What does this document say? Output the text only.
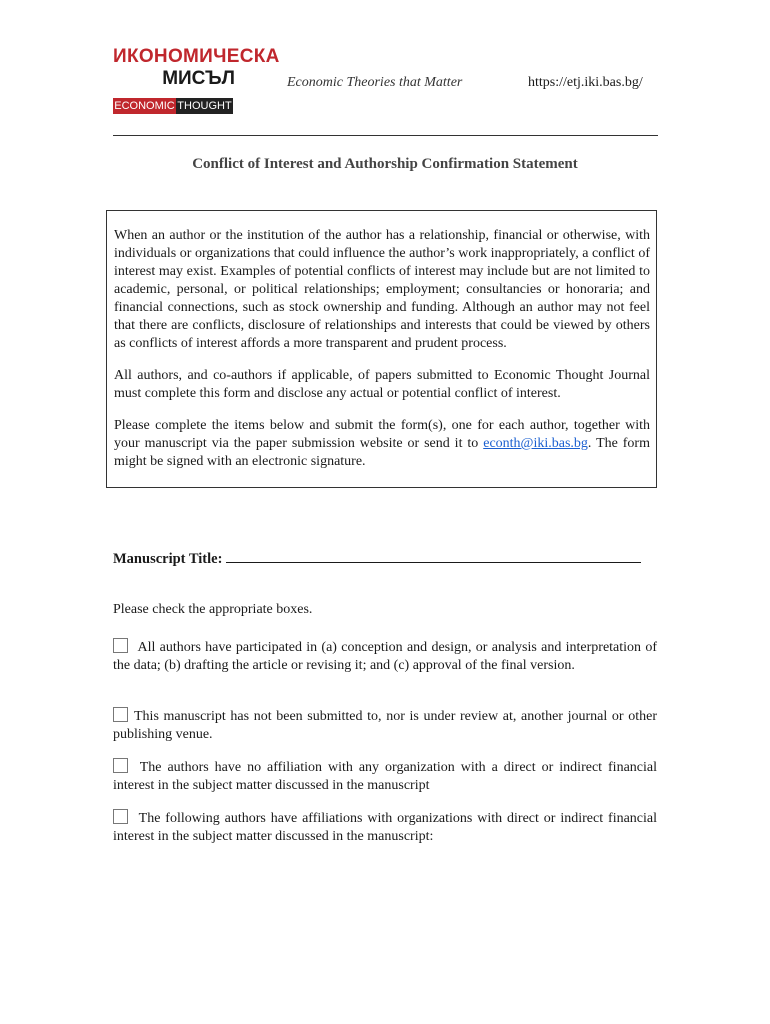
ИКОНОМИЧЕСКА
МИСЪЛ
ECONOMIC THOUGHT
Economic Theories that Matter	https://etj.iki.bas.bg/
Conflict of Interest and Authorship Confirmation Statement

When an author or the institution of the author has a relationship, financial or otherwise, with individuals or organizations that could influence the author’s work inappropriately, a conflict of interest may exist. Examples of potential conflicts of interest may include but are not limited to academic, personal, or political relationships; employment; consultancies or honoraria; and financial connections, such as stock ownership and funding. Although an author may not feel that there are conflicts, disclosure of relationships and interests that could be viewed by others as conflicts of interest affords a more transparent and prudent process.

All authors, and co-authors if applicable, of papers submitted to Economic Thought Journal must complete this form and disclose any actual or potential conflict of interest.

Please complete the items below and submit the form(s), one for each author, together with your manuscript via the paper submission website or send it to econth@iki.bas.bg. The form might be signed with an electronic signature.

Manuscript Title:
Please check the appropriate boxes.
All authors have participated in (a) conception and design, or analysis and interpretation of the data; (b) drafting the article or revising it; and (c) approval of the final version.
This manuscript has not been submitted to, nor is under review at, another journal or other publishing venue.
The authors have no affiliation with any organization with a direct or indirect financial interest in the subject matter discussed in the manuscript
The following authors have affiliations with organizations with direct or indirect financial interest in the subject matter discussed in the manuscript:
